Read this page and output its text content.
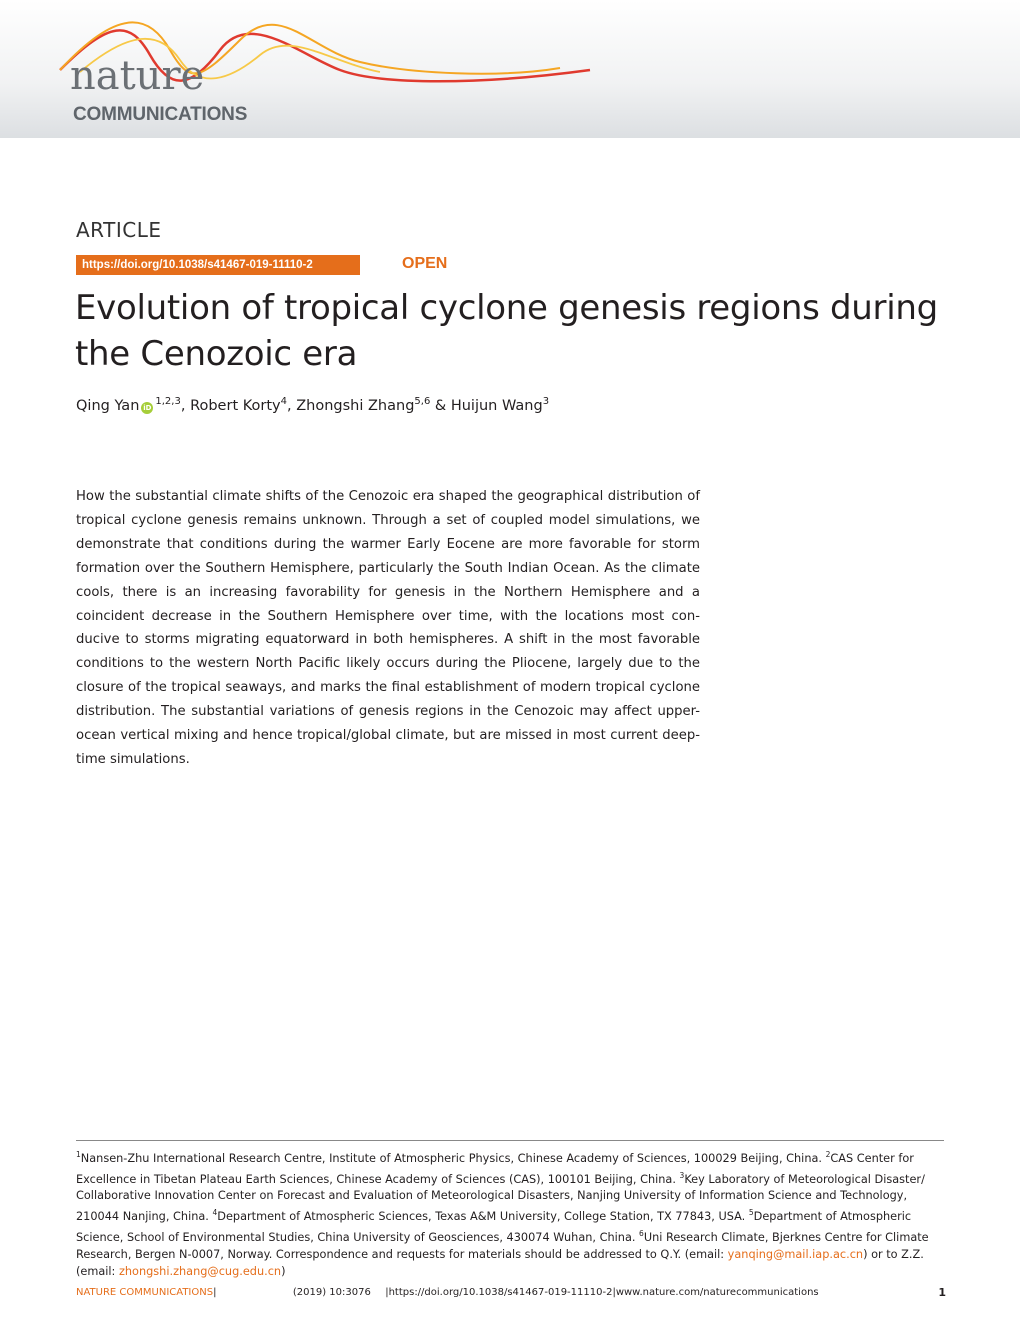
nature
COMMUNICATIONS
ARTICLE
https://doi.org/10.1038/s41467-019-11110-2	OPEN
Evolution of tropical cyclone genesis regions during the Cenozoic era
Qing Yan iD$^{1,2,3}$, Robert Korty$^4$, Zhongshi Zhang$^{5,6}$ & Huijun Wang$^3$

How the substantial climate shifts of the Cenozoic era shaped the geographical distribution of tropical cyclone genesis remains unknown. Through a set of coupled model simulations, we demonstrate that conditions during the warmer Early Eocene are more favorable for storm formation over the Southern Hemisphere, particularly the South Indian Ocean. As the climate cools, there is an increasing favorability for genesis in the Northern Hemisphere and a coincident decrease in the Southern Hemisphere over time, with the locations most con-ducive to storms migrating equatorward in both hemispheres. A shift in the most favorable conditions to the western North Pacific likely occurs during the Pliocene, largely due to the closure of the tropical seaways, and marks the final establishment of modern tropical cyclone distribution. The substantial variations of genesis regions in the Cenozoic may affect upper-ocean vertical mixing and hence tropical/global climate, but are missed in most current deep-time simulations.

$^1$Nansen-Zhu International Research Centre, Institute of Atmospheric Physics, Chinese Academy of Sciences, 100029 Beijing, China. $^2$CAS Center for Excellence in Tibetan Plateau Earth Sciences, Chinese Academy of Sciences (CAS), 100101 Beijing, China. $^3$Key Laboratory of Meteorological Disaster/ Collaborative Innovation Center on Forecast and Evaluation of Meteorological Disasters, Nanjing University of Information Science and Technology, 210044 Nanjing, China. $^4$Department of Atmospheric Sciences, Texas A&M University, College Station, TX 77843, USA. $^5$Department of Atmospheric Science, School of Environmental Studies, China University of Geosciences, 430074 Wuhan, China. $^6$Uni Research Climate, Bjerknes Centre for Climate Research, Bergen N-0007, Norway. Correspondence and requests for materials should be addressed to Q.Y. (email: yanqing@mail.iap.ac.cn) or to Z.Z. (email: zhongshi.zhang@cug.edu.cn)

NATURE COMMUNICATIONS|	(2019) 10:3076 |https://doi.org/10.1038/s41467-019-11110-2|www.nature.com/naturecommunications	1
